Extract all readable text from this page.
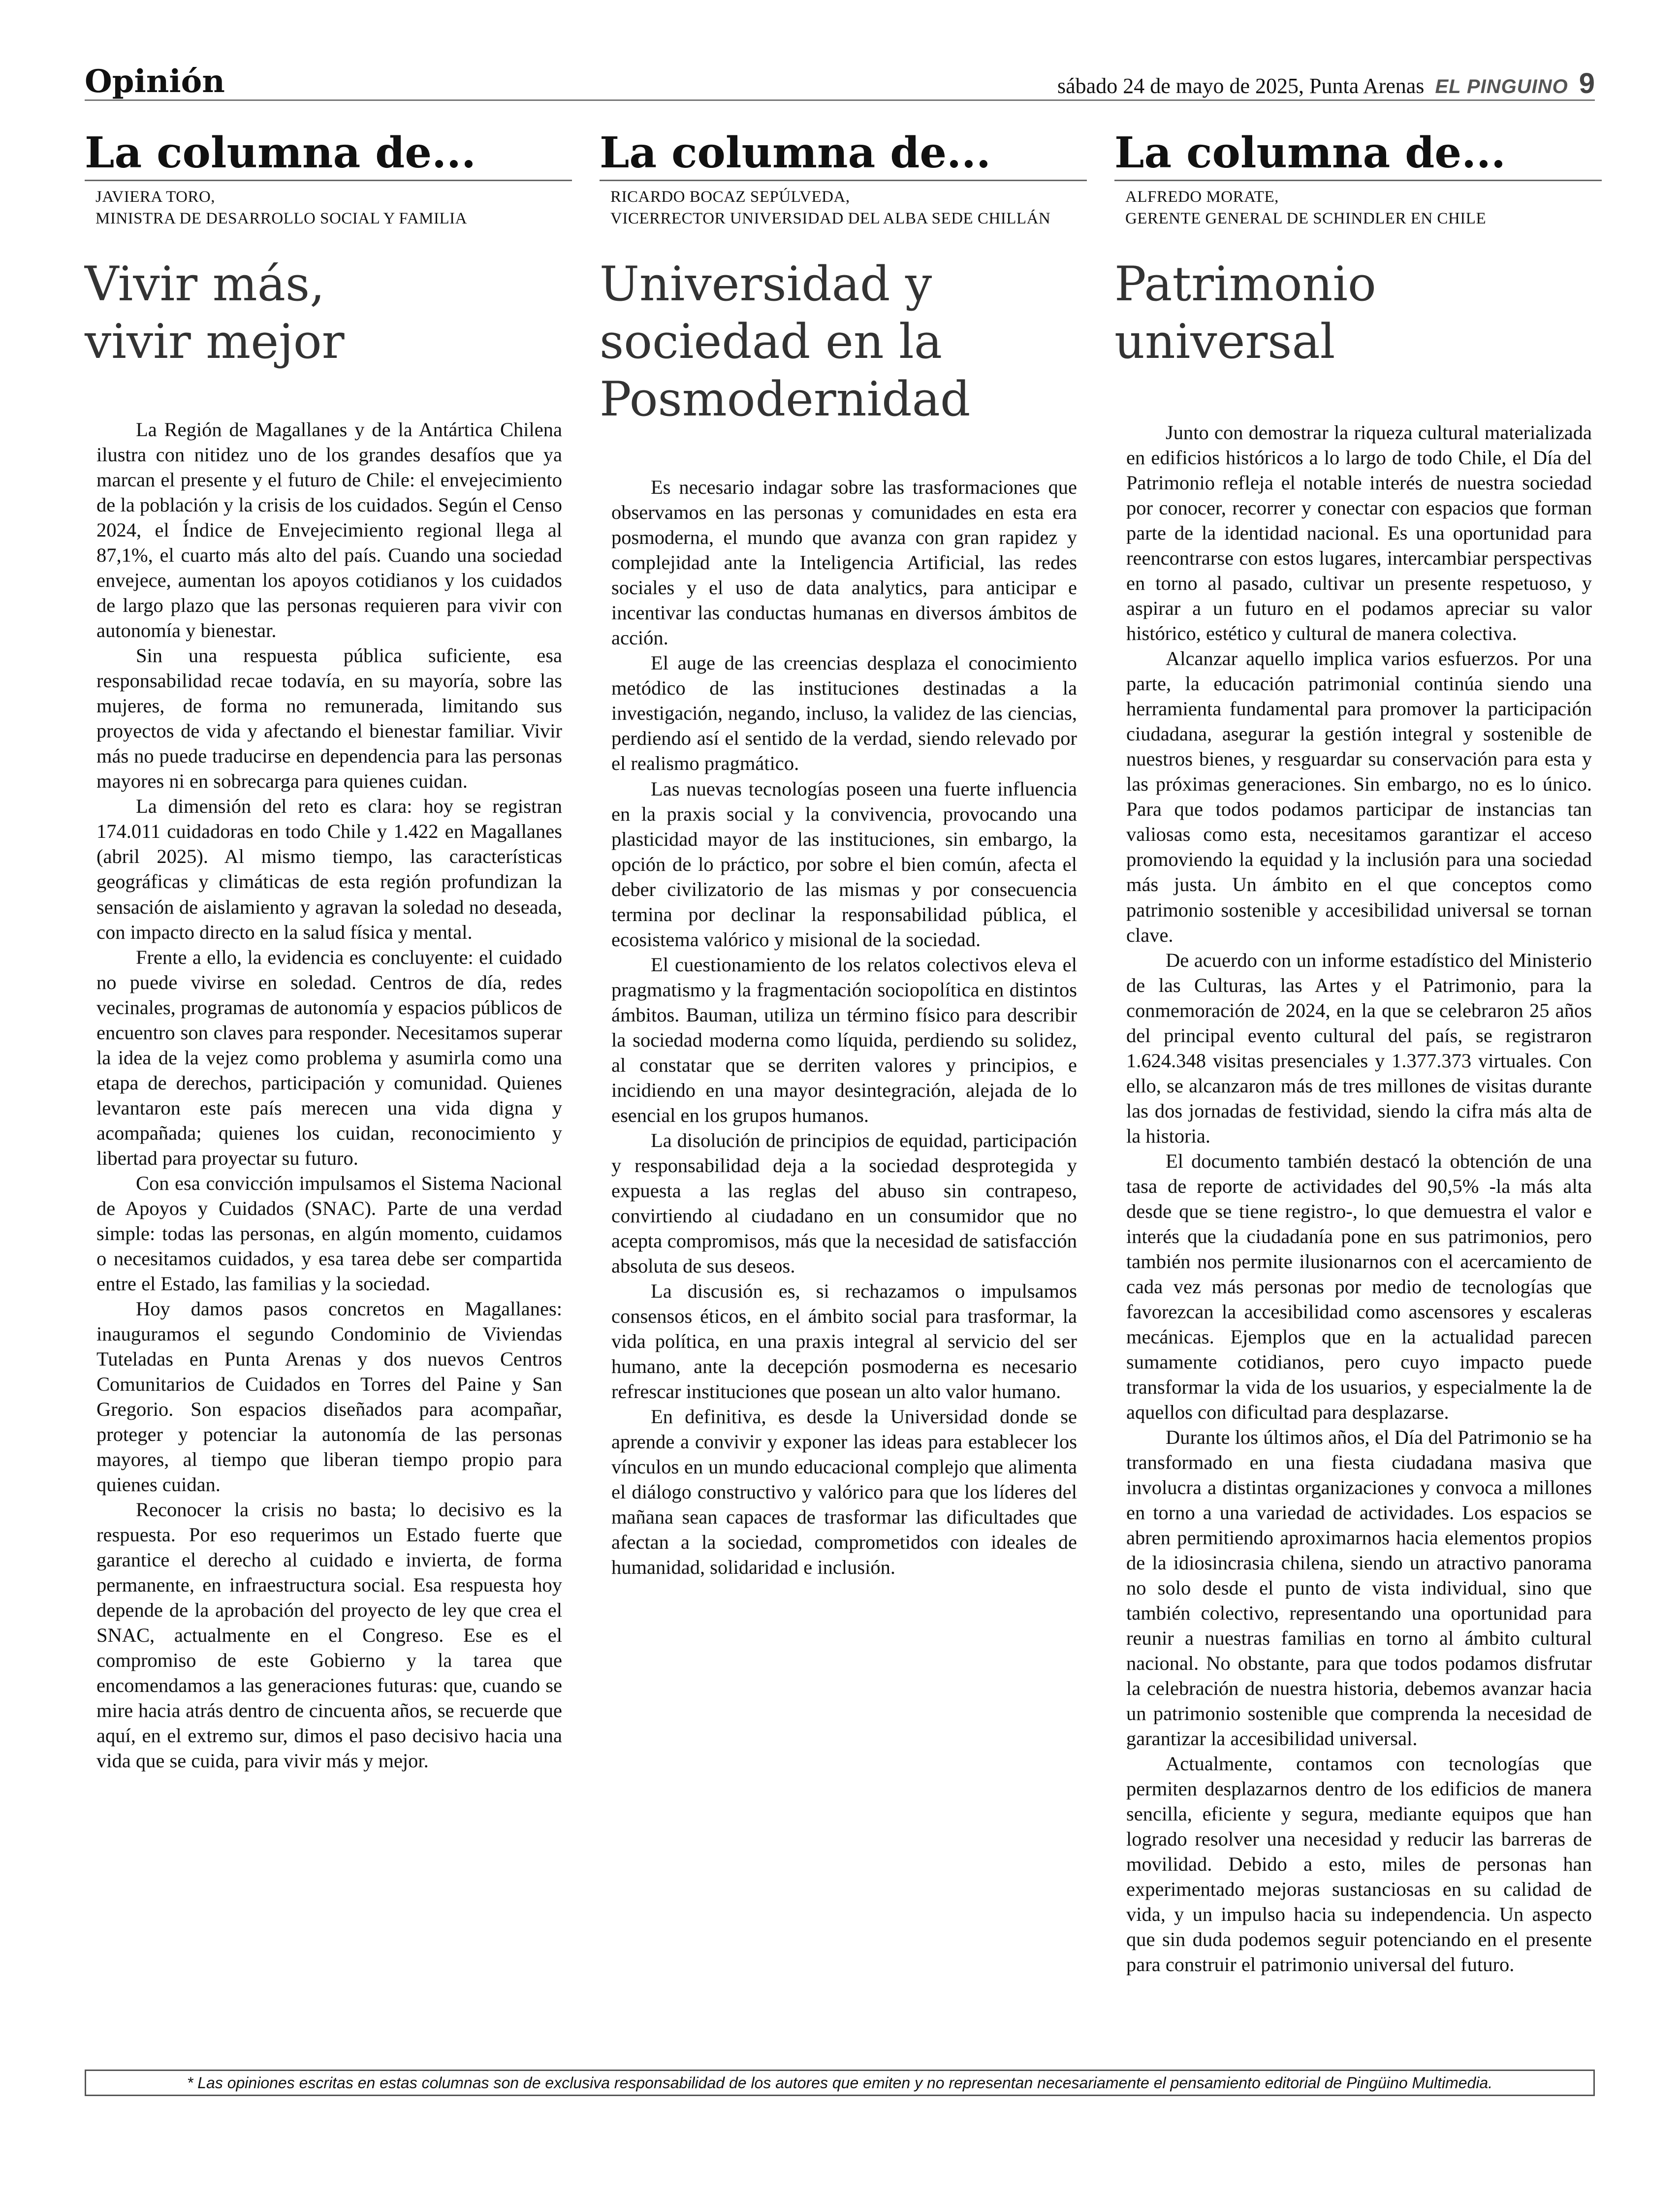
Opinión	sábado 24 de mayo de 2025, Punta Arenas EL PINGUINO 9
La columna de...
JAVIERA TORO,
MINISTRA DE DESARROLLO SOCIAL Y FAMILIA
Vivir más,
vivir mejor

La Región de Magallanes y de la Antártica Chilena ilustra con nitidez uno de los grandes desafíos que ya marcan el presente y el futuro de Chile: el envejecimiento de la población y la crisis de los cuidados. Según el Censo 2024, el Índice de Envejecimiento regional llega al 87,1%, el cuarto más alto del país. Cuando una sociedad envejece, aumentan los apoyos cotidianos y los cuidados de largo plazo que las personas requieren para vivir con autonomía y bienestar.

Sin una respuesta pública suficiente, esa responsabilidad recae todavía, en su mayoría, sobre las mujeres, de forma no remunerada, limitando sus proyectos de vida y afectando el bienestar familiar. Vivir más no puede traducirse en dependencia para las personas mayores ni en sobrecarga para quienes cuidan.

La dimensión del reto es clara: hoy se registran 174.011 cuidadoras en todo Chile y 1.422 en Magallanes (abril 2025). Al mismo tiempo, las características geográficas y climáticas de esta región profundizan la sensación de aislamiento y agravan la soledad no deseada, con impacto directo en la salud física y mental.

Frente a ello, la evidencia es concluyente: el cuidado no puede vivirse en soledad. Centros de día, redes vecinales, programas de autonomía y espacios públicos de encuentro son claves para responder. Necesitamos superar la idea de la vejez como problema y asumirla como una etapa de derechos, participación y comunidad. Quienes levantaron este país merecen una vida digna y acompañada; quienes los cuidan, reconocimiento y libertad para proyectar su futuro.

Con esa convicción impulsamos el Sistema Nacional de Apoyos y Cuidados (SNAC). Parte de una verdad simple: todas las personas, en algún momento, cuidamos o necesitamos cuidados, y esa tarea debe ser compartida entre el Estado, las familias y la sociedad.

Hoy damos pasos concretos en Magallanes: inauguramos el segundo Condominio de Viviendas Tuteladas en Punta Arenas y dos nuevos Centros Comunitarios de Cuidados en Torres del Paine y San Gregorio. Son espacios diseñados para acompañar, proteger y potenciar la autonomía de las personas mayores, al tiempo que liberan tiempo propio para quienes cuidan.

Reconocer la crisis no basta; lo decisivo es la respuesta. Por eso requerimos un Estado fuerte que garantice el derecho al cuidado e invierta, de forma permanente, en infraestructura social. Esa respuesta hoy depende de la aprobación del proyecto de ley que crea el SNAC, actualmente en el Congreso. Ese es el compromiso de este Gobierno y la tarea que encomendamos a las generaciones futuras: que, cuando se mire hacia atrás dentro de cincuenta años, se recuerde que aquí, en el extremo sur, dimos el paso decisivo hacia una vida que se cuida, para vivir más y mejor.

La columna de...
RICARDO BOCAZ SEPÚLVEDA,
VICERRECTOR UNIVERSIDAD DEL ALBA SEDE CHILLÁN
Universidad y
sociedad en la
Posmodernidad

Es necesario indagar sobre las trasformaciones que observamos en las personas y comunidades en esta era posmoderna, el mundo que avanza con gran rapidez y complejidad ante la Inteligencia Artificial, las redes sociales y el uso de data analytics, para anticipar e incentivar las conductas humanas en diversos ámbitos de acción.

El auge de las creencias desplaza el conocimiento metódico de las instituciones destinadas a la investigación, negando, incluso, la validez de las ciencias, perdiendo así el sentido de la verdad, siendo relevado por el realismo pragmático.

Las nuevas tecnologías poseen una fuerte influencia en la praxis social y la convivencia, provocando una plasticidad mayor de las instituciones, sin embargo, la opción de lo práctico, por sobre el bien común, afecta el deber civilizatorio de las mismas y por consecuencia termina por declinar la responsabilidad pública, el ecosistema valórico y misional de la sociedad.

El cuestionamiento de los relatos colectivos eleva el pragmatismo y la fragmentación sociopolítica en distintos ámbitos. Bauman, utiliza un término físico para describir la sociedad moderna como líquida, perdiendo su solidez, al constatar que se derriten valores y principios, e incidiendo en una mayor desintegración, alejada de lo esencial en los grupos humanos.

La disolución de principios de equidad, participación y responsabilidad deja a la sociedad desprotegida y expuesta a las reglas del abuso sin contrapeso, convirtiendo al ciudadano en un consumidor que no acepta compromisos, más que la necesidad de satisfacción absoluta de sus deseos.

La discusión es, si rechazamos o impulsamos consensos éticos, en el ámbito social para trasformar, la vida política, en una praxis integral al servicio del ser humano, ante la decepción posmoderna es necesario refrescar instituciones que posean un alto valor humano.

En definitiva, es desde la Universidad donde se aprende a convivir y exponer las ideas para establecer los vínculos en un mundo educacional complejo que alimenta el diálogo constructivo y valórico para que los líderes del mañana sean capaces de trasformar las dificultades que afectan a la sociedad, comprometidos con ideales de humanidad, solidaridad e inclusión.

La columna de...
ALFREDO MORATE,
GERENTE GENERAL DE SCHINDLER EN CHILE
Patrimonio
universal

Junto con demostrar la riqueza cultural materializada en edificios históricos a lo largo de todo Chile, el Día del Patrimonio refleja el notable interés de nuestra sociedad por conocer, recorrer y conectar con espacios que forman parte de la identidad nacional. Es una oportunidad para reencontrarse con estos lugares, intercambiar perspectivas en torno al pasado, cultivar un presente respetuoso, y aspirar a un futuro en el podamos apreciar su valor histórico, estético y cultural de manera colectiva.

Alcanzar aquello implica varios esfuerzos. Por una parte, la educación patrimonial continúa siendo una herramienta fundamental para promover la participación ciudadana, asegurar la gestión integral y sostenible de nuestros bienes, y resguardar su conservación para esta y las próximas generaciones. Sin embargo, no es lo único. Para que todos podamos participar de instancias tan valiosas como esta, necesitamos garantizar el acceso promoviendo la equidad y la inclusión para una sociedad más justa. Un ámbito en el que conceptos como patrimonio sostenible y accesibilidad universal se tornan clave.

De acuerdo con un informe estadístico del Ministerio de las Culturas, las Artes y el Patrimonio, para la conmemoración de 2024, en la que se celebraron 25 años del principal evento cultural del país, se registraron 1.624.348 visitas presenciales y 1.377.373 virtuales. Con ello, se alcanzaron más de tres millones de visitas durante las dos jornadas de festividad, siendo la cifra más alta de la historia.

El documento también destacó la obtención de una tasa de reporte de actividades del 90,5% -la más alta desde que se tiene registro-, lo que demuestra el valor e interés que la ciudadanía pone en sus patrimonios, pero también nos permite ilusionarnos con el acercamiento de cada vez más personas por medio de tecnologías que favorezcan la accesibilidad como ascensores y escaleras mecánicas. Ejemplos que en la actualidad parecen sumamente cotidianos, pero cuyo impacto puede transformar la vida de los usuarios, y especialmente la de aquellos con dificultad para desplazarse.

Durante los últimos años, el Día del Patrimonio se ha transformado en una fiesta ciudadana masiva que involucra a distintas organizaciones y convoca a millones en torno a una variedad de actividades. Los espacios se abren permitiendo aproximarnos hacia elementos propios de la idiosincrasia chilena, siendo un atractivo panorama no solo desde el punto de vista individual, sino que también colectivo, representando una oportunidad para reunir a nuestras familias en torno al ámbito cultural nacional. No obstante, para que todos podamos disfrutar la celebración de nuestra historia, debemos avanzar hacia un patrimonio sostenible que comprenda la necesidad de garantizar la accesibilidad universal.

Actualmente, contamos con tecnologías que permiten desplazarnos dentro de los edificios de manera sencilla, eficiente y segura, mediante equipos que han logrado resolver una necesidad y reducir las barreras de movilidad. Debido a esto, miles de personas han experimentado mejoras sustanciosas en su calidad de vida, y un impulso hacia su independencia. Un aspecto que sin duda podemos seguir potenciando en el presente para construir el patrimonio universal del futuro.

* Las opiniones escritas en estas columnas son de exclusiva responsabilidad de los autores que emiten y no representan necesariamente el pensamiento editorial de Pingüino Multimedia.
